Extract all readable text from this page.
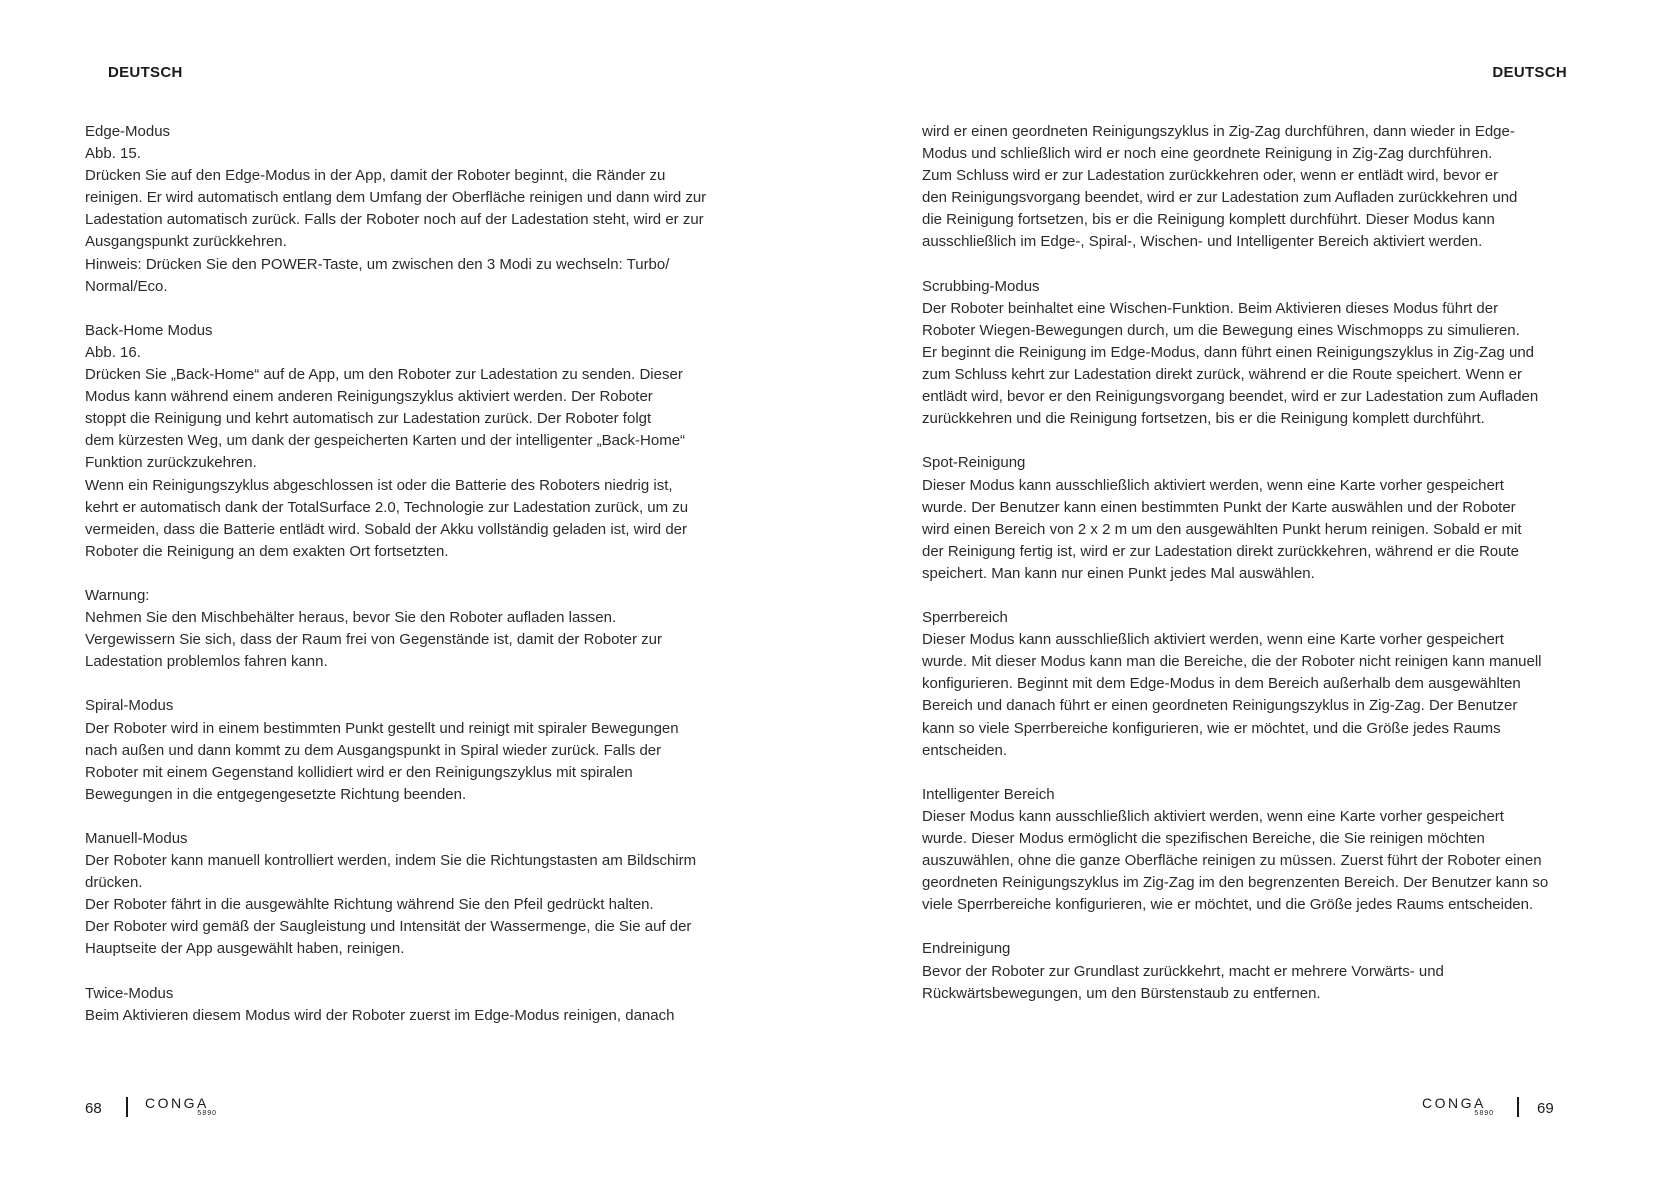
DEUTSCH
Edge-Modus
Abb. 15.
Drücken Sie auf den Edge-Modus in der App, damit der Roboter beginnt, die Ränder zu
reinigen. Er wird automatisch entlang dem Umfang der Oberfläche reinigen und dann wird zur
Ladestation automatisch zurück. Falls der Roboter noch auf der Ladestation steht, wird er zur
Ausgangspunkt zurückkehren.
Hinweis: Drücken Sie den POWER-Taste, um zwischen den 3 Modi zu wechseln: Turbo/
Normal/Eco.
Back-Home Modus
Abb. 16.
Drücken Sie „Back-Home“ auf de App, um den Roboter zur Ladestation zu senden. Dieser
Modus kann während einem anderen Reinigungszyklus aktiviert werden. Der Roboter
stoppt die Reinigung und kehrt automatisch zur Ladestation zurück. Der Roboter folgt
dem kürzesten Weg, um dank der gespeicherten Karten und der intelligenter „Back-Home“
Funktion zurückzukehren.
Wenn ein Reinigungszyklus abgeschlossen ist oder die Batterie des Roboters niedrig ist,
kehrt er automatisch dank der TotalSurface 2.0, Technologie zur Ladestation zurück, um zu
vermeiden, dass die Batterie entlädt wird. Sobald der Akku vollständig geladen ist, wird der
Roboter die Reinigung an dem exakten Ort fortsetzten.
Warnung:
Nehmen Sie den Mischbehälter heraus, bevor Sie den Roboter aufladen lassen.
Vergewissern Sie sich, dass der Raum frei von Gegenstände ist, damit der Roboter zur
Ladestation problemlos fahren kann.
Spiral-Modus
Der Roboter wird in einem bestimmten Punkt gestellt und reinigt mit spiraler Bewegungen
nach außen und dann kommt zu dem Ausgangspunkt in Spiral wieder zurück. Falls der
Roboter mit einem Gegenstand kollidiert wird er den Reinigungszyklus mit spiralen
Bewegungen in die entgegengesetzte Richtung beenden.
Manuell-Modus
Der Roboter kann manuell kontrolliert werden, indem Sie die Richtungstasten am Bildschirm
drücken.
Der Roboter fährt in die ausgewählte Richtung während Sie den Pfeil gedrückt halten.
Der Roboter wird gemäß der Saugleistung und Intensität der Wassermenge, die Sie auf der
Hauptseite der App ausgewählt haben, reinigen.
Twice-Modus
Beim Aktivieren diesem Modus wird der Roboter zuerst im Edge-Modus reinigen, danach
68	CONGA
5890
DEUTSCH
wird er einen geordneten Reinigungszyklus in Zig-Zag durchführen, dann wieder in Edge-
Modus und schließlich wird er noch eine geordnete Reinigung in Zig-Zag durchführen.
Zum Schluss wird er zur Ladestation zurückkehren oder, wenn er entlädt wird, bevor er
den Reinigungsvorgang beendet, wird er zur Ladestation zum Aufladen zurückkehren und
die Reinigung fortsetzen, bis er die Reinigung komplett durchführt. Dieser Modus kann
ausschließlich im Edge-, Spiral-, Wischen- und Intelligenter Bereich aktiviert werden.
Scrubbing-Modus
Der Roboter beinhaltet eine Wischen-Funktion. Beim Aktivieren dieses Modus führt der
Roboter Wiegen-Bewegungen durch, um die Bewegung eines Wischmopps zu simulieren.
Er beginnt die Reinigung im Edge-Modus, dann führt einen Reinigungszyklus in Zig-Zag und
zum Schluss kehrt zur Ladestation direkt zurück, während er die Route speichert. Wenn er
entlädt wird, bevor er den Reinigungsvorgang beendet, wird er zur Ladestation zum Aufladen
zurückkehren und die Reinigung fortsetzen, bis er die Reinigung komplett durchführt.
Spot-Reinigung
Dieser Modus kann ausschließlich aktiviert werden, wenn eine Karte vorher gespeichert
wurde. Der Benutzer kann einen bestimmten Punkt der Karte auswählen und der Roboter
wird einen Bereich von 2 x 2 m um den ausgewählten Punkt herum reinigen. Sobald er mit
der Reinigung fertig ist, wird er zur Ladestation direkt zurückkehren, während er die Route
speichert. Man kann nur einen Punkt jedes Mal auswählen.
Sperrbereich
Dieser Modus kann ausschließlich aktiviert werden, wenn eine Karte vorher gespeichert
wurde. Mit dieser Modus kann man die Bereiche, die der Roboter nicht reinigen kann manuell
konfigurieren. Beginnt mit dem Edge-Modus in dem Bereich außerhalb dem ausgewählten
Bereich und danach führt er einen geordneten Reinigungszyklus in Zig-Zag. Der Benutzer
kann so viele Sperrbereiche konfigurieren, wie er möchtet, und die Größe jedes Raums
entscheiden.
Intelligenter Bereich
Dieser Modus kann ausschließlich aktiviert werden, wenn eine Karte vorher gespeichert
wurde. Dieser Modus ermöglicht die spezifischen Bereiche, die Sie reinigen möchten
auszuwählen, ohne die ganze Oberfläche reinigen zu müssen. Zuerst führt der Roboter einen
geordneten Reinigungszyklus im Zig-Zag im den begrenzenten Bereich. Der Benutzer kann so
viele Sperrbereiche konfigurieren, wie er möchtet, und die Größe jedes Raums entscheiden.
Endreinigung
Bevor der Roboter zur Grundlast zurückkehrt, macht er mehrere Vorwärts- und
Rückwärtsbewegungen, um den Bürstenstaub zu entfernen.
CONGA
5890	69
